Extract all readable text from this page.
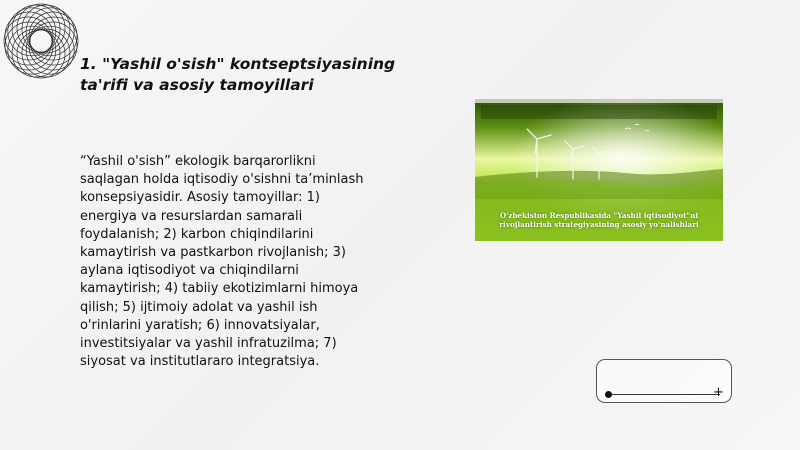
1. "Yashil o'sish" kontseptsiyasining
ta'rifi va asosiy tamoyillari
“Yashil o'sish” ekologik barqarorlikni
saqlagan holda iqtisodiy o'sishni ta’minlash
konsepsiyasidir. Asosiy tamoyillar: 1)
energiya va resurslardan samarali
foydalanish; 2) karbon chiqindilarini
kamaytirish va pastkarbon rivojlanish; 3)
aylana iqtisodiyot va chiqindilarni
kamaytirish; 4) tabiiy ekotizimlarni himoya
qilish; 5) ijtimoiy adolat va yashil ish
o'rinlarini yaratish; 6) innovatsiyalar,
investitsiyalar va yashil infratuzilma; 7)
siyosat va institutlararo integratsiya.
O'zbekiston Respublikasida "Yashil iqtisodiyot"ni
rivojlantirish strategiyasining asosiy yo'nalishlari
+
